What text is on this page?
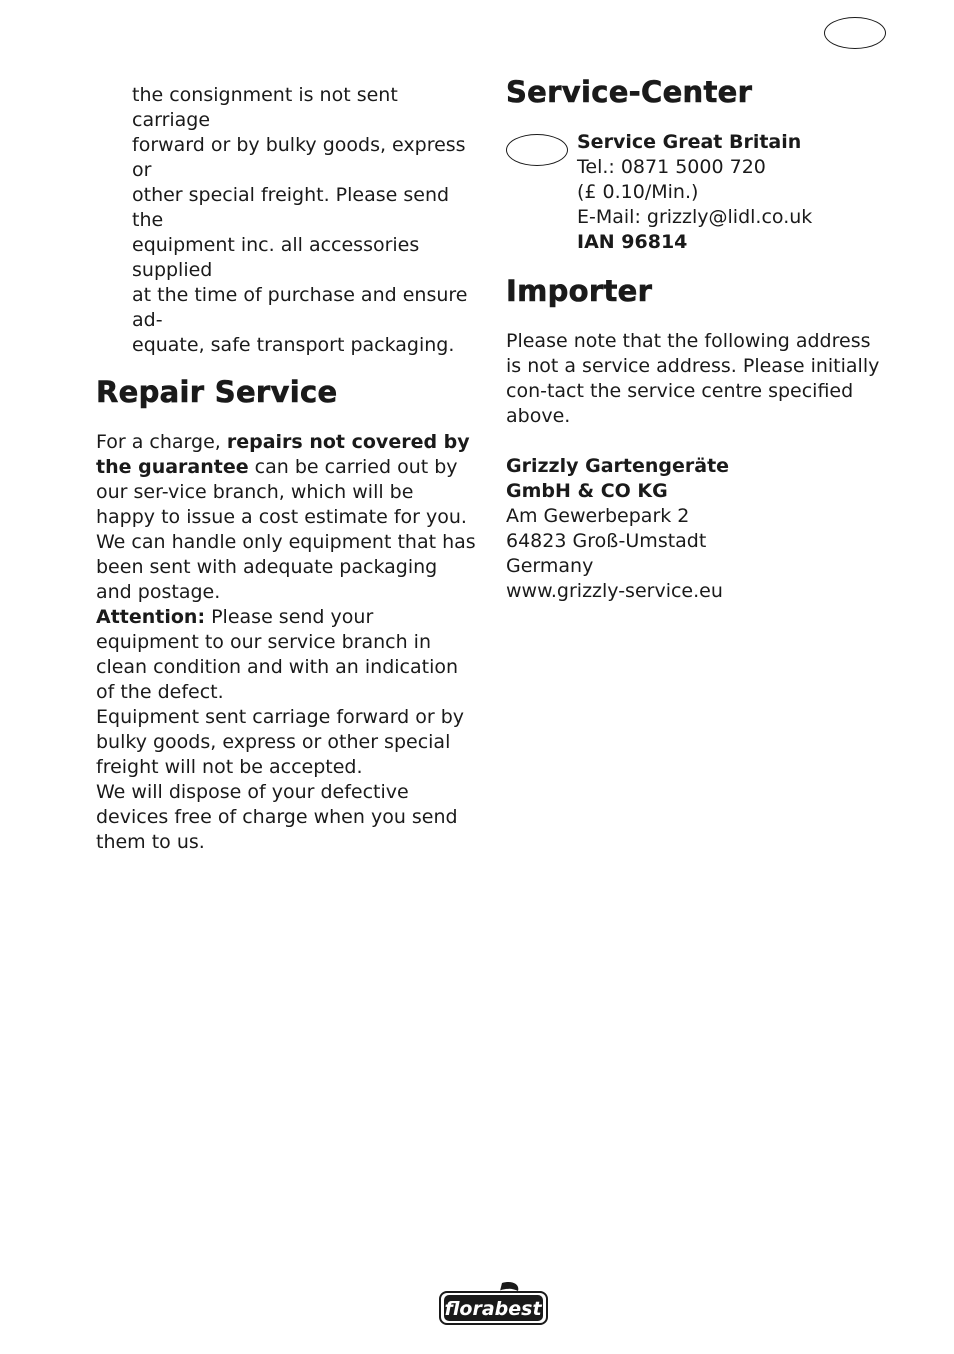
the consignment is not sent carriage

forward or by bulky goods, express or

other special freight. Please send the

equipment inc. all accessories supplied

at the time of purchase and ensure ad-

equate, safe transport packaging.

Repair Service

For a charge, repairs not covered by the guarantee can be carried out by our ser-vice branch, which will be happy to issue a cost estimate for you.

We can handle only equipment that has been sent with adequate packaging and postage.

Attention: Please send your equipment to our service branch in clean condition and with an indication of the defect.

Equipment sent carriage forward or by bulky goods, express or other special freight will not be accepted.

We will dispose of your defective devices free of charge when you send them to us.

Service-Center

Service Great Britain

Tel.: 0871 5000 720

(£ 0.10/Min.)

E-Mail: grizzly@lidl.co.uk

IAN 96814

Importer

Please note that the following address is not a service address. Please initially con-tact the service centre specified above.

Grizzly Gartengeräte

GmbH & CO KG

Am Gewerbepark 2

64823 Groß-Umstadt

Germany

www.grizzly-service.eu

florabest
